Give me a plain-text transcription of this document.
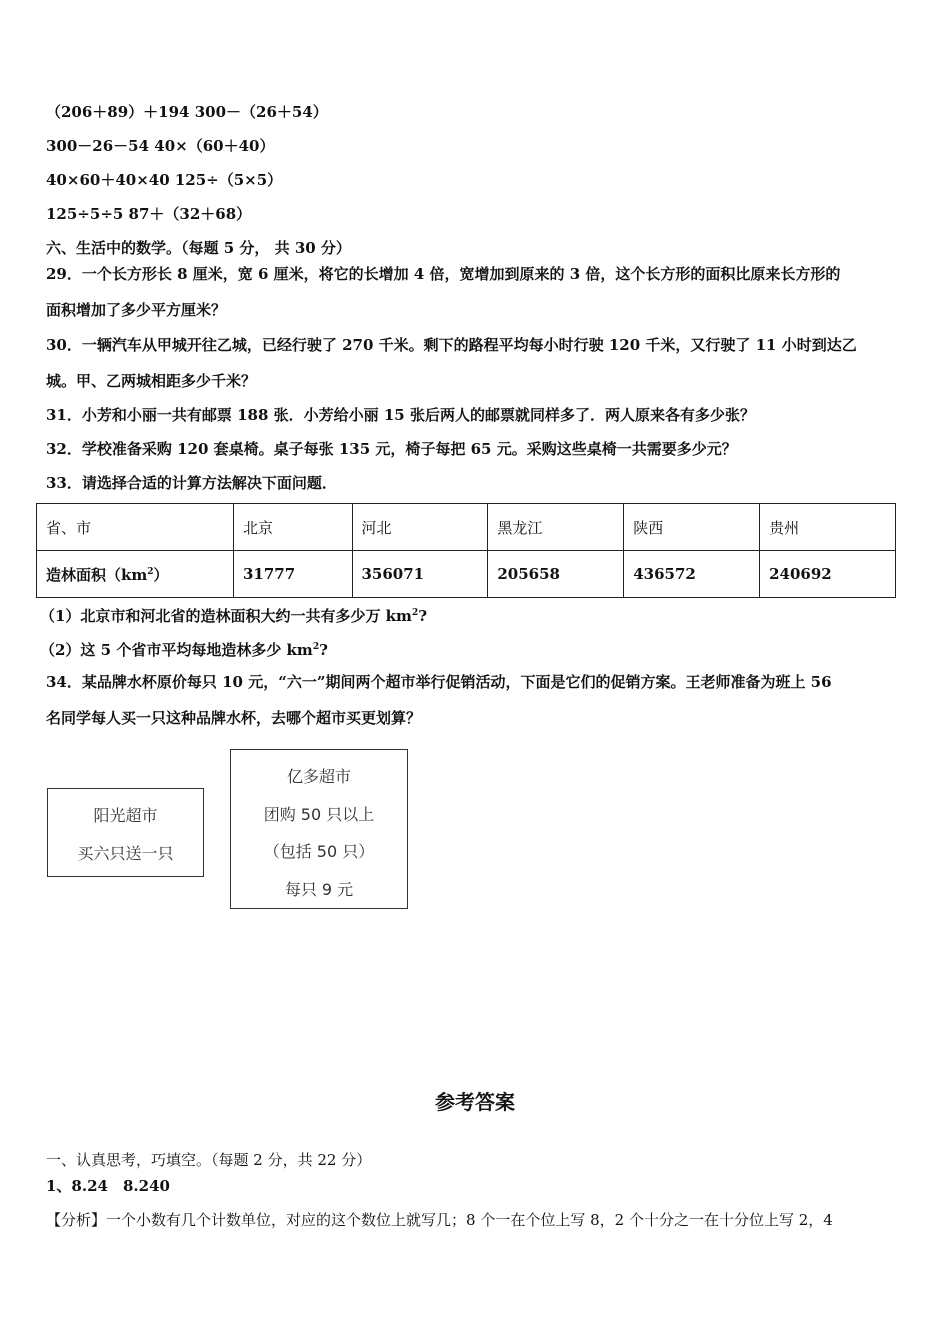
（206＋89）＋194 300－（26＋54）
300－26－54 40×（60＋40）
40×60＋40×40 125÷（5×5）
125÷5÷5 87＋（32＋68）
六、生活中的数学。（每题 5 分， 共 30 分）
29．一个长方形长 8 厘米，宽 6 厘米，将它的长增加 4 倍，宽增加到原来的 3 倍，这个长方形的面积比原来长方形的
面积增加了多少平方厘米？
30．一辆汽车从甲城开往乙城，已经行驶了 270 千米。剩下的路程平均每小时行驶 120 千米，又行驶了 11 小时到达乙
城。甲、乙两城相距多少千米？
31．小芳和小丽一共有邮票 188 张．小芳给小丽 15 张后两人的邮票就同样多了．两人原来各有多少张？
32．学校准备采购 120 套桌椅。桌子每张 135 元，椅子每把 65 元。采购这些桌椅一共需要多少元？
33．请选择合适的计算方法解决下面问题．
省、市	北京	河北	黑龙江	陕西	贵州
造林面积$(km^2)$	31777	356071	205658	436572	240692
（1）北京市和河北省的造林面积大约一共有多少万 $km^2$?
（2）这 5 个省市平均每地造林多少 $km^2$?
34．某品牌水杯原价每只 10 元，“六一”期间两个超市举行促销活动，下面是它们的促销方案。王老师准备为班上 56
名同学每人买一只这种品牌水杯，去哪个超市买更划算？
阳光超市
买六只送一只
亿多超市
团购 50 只以上
（包括 50 只）
每只 9 元
参考答案
一、认真思考，巧填空。（每题 2 分，共 22 分）
1、8.24　8.240
【分析】一个小数有几个计数单位，对应的这个数位上就写几；8 个一在个位上写 8，2 个十分之一在十分位上写 2，4
